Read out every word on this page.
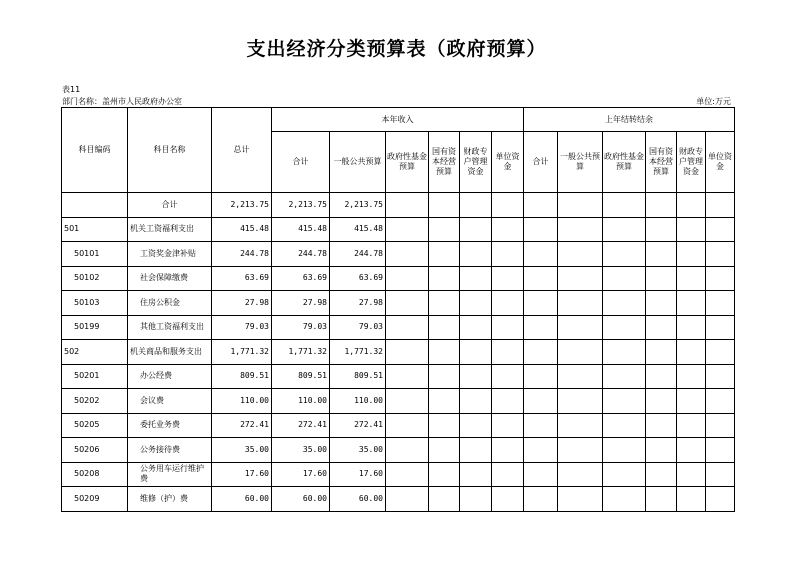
支出经济分类预算表（政府预算）
表11
部门名称：盖州市人民政府办公室	单位:万元
科目编码	科目名称	总计	本年收入						上年结转结余					
			合计	一般公共预算	政府性基金预算	国有资本经营预算	财政专户管理资金	单位资金	合计	一般公共预算	政府性基金预算	国有资本经营预算	财政专户管理资金	单位资金
	合计	2,213.75	2,213.75	2,213.75										
501	机关工资福利支出	415.48	415.48	415.48										
50101	工资奖金津补贴	244.78	244.78	244.78										
50102	社会保障缴费	63.69	63.69	63.69										
50103	住房公积金	27.98	27.98	27.98										
50199	其他工资福利支出	79.03	79.03	79.03										
502	机关商品和服务支出	1,771.32	1,771.32	1,771.32										
50201	办公经费	809.51	809.51	809.51										
50202	会议费	110.00	110.00	110.00										
50205	委托业务费	272.41	272.41	272.41										
50206	公务接待费	35.00	35.00	35.00										
50208	公务用车运行维护费	17.60	17.60	17.60										
50209	维修（护）费	60.00	60.00	60.00										
